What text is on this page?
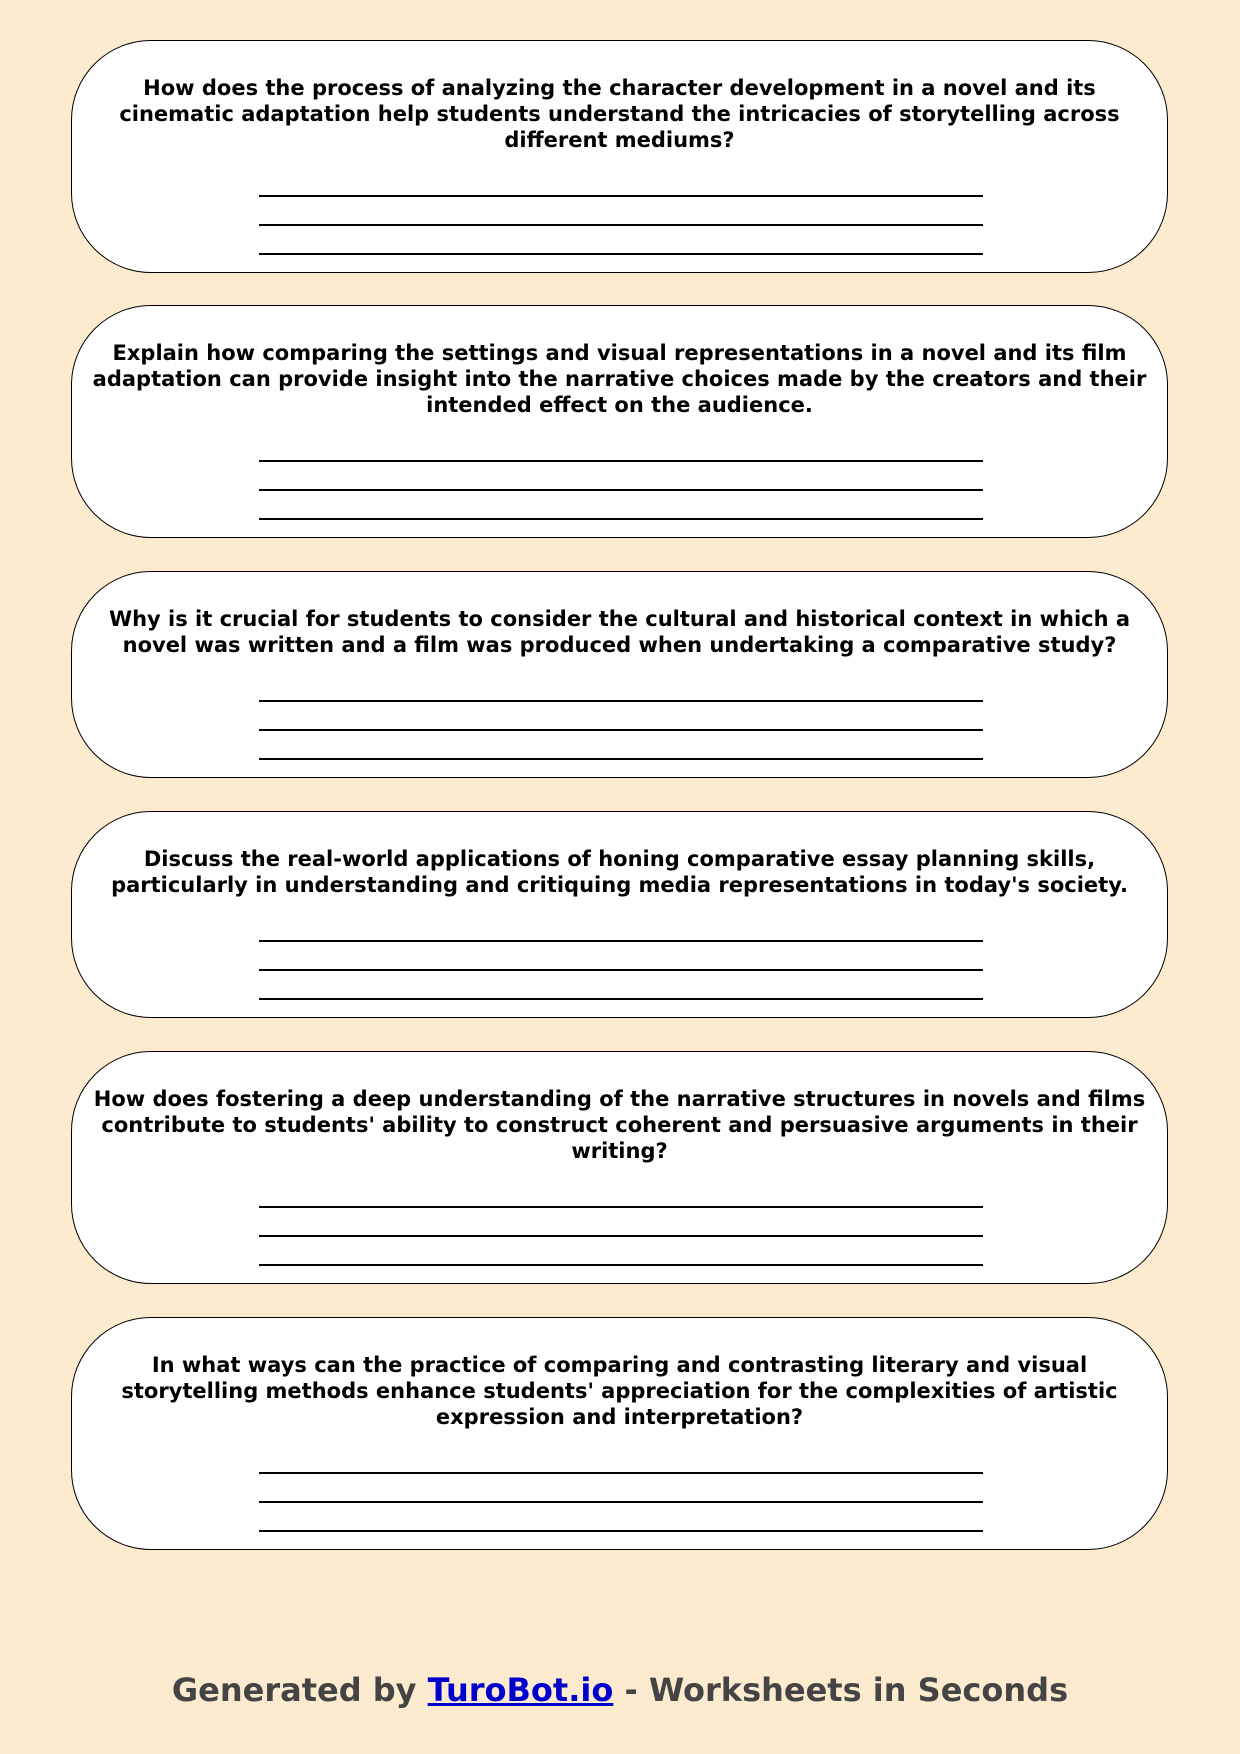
How does the process of analyzing the character development in a novel and its cinematic adaptation help students understand the intricacies of storytelling across different mediums?

Explain how comparing the settings and visual representations in a novel and its film adaptation can provide insight into the narrative choices made by the creators and their intended effect on the audience.

Why is it crucial for students to consider the cultural and historical context in which a novel was written and a film was produced when undertaking a comparative study?

Discuss the real-world applications of honing comparative essay planning skills, particularly in understanding and critiquing media representations in today's society.

How does fostering a deep understanding of the narrative structures in novels and films contribute to students' ability to construct coherent and persuasive arguments in their writing?

In what ways can the practice of comparing and contrasting literary and visual storytelling methods enhance students' appreciation for the complexities of artistic expression and interpretation?

Generated by TuroBot.io - Worksheets in Seconds
